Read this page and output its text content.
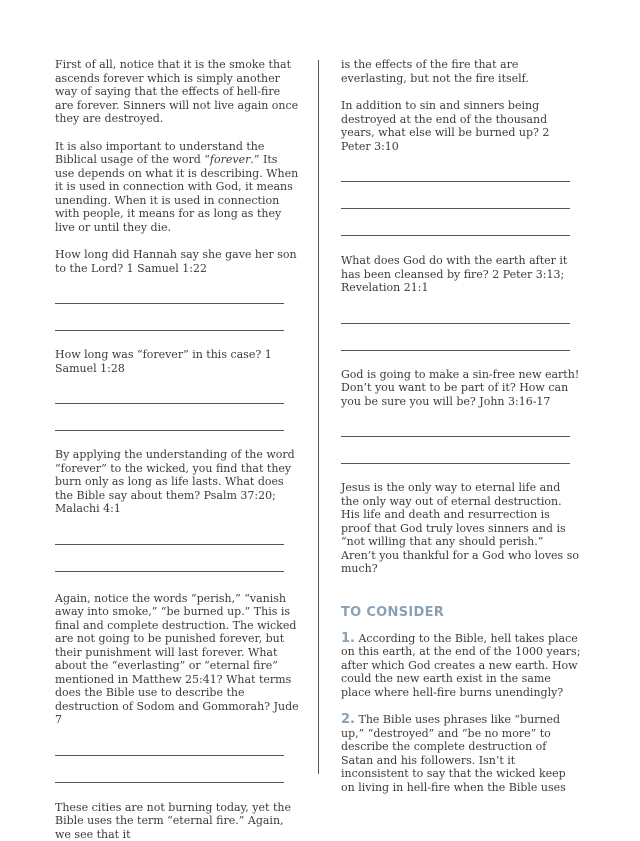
First of all, notice that it is the smoke that ascends forever which is simply another way of saying that the effects of hell-fire are forever. Sinners will not live again once they are destroyed.

It is also important to understand the Biblical usage of the word “forever.” Its use depends on what it is describing. When it is used in connection with God, it means unending. When it is used in connection with people, it means for as long as they live or until they die.

How long did Hannah say she gave her son to the Lord? 1 Samuel 1:22

How long was “forever” in this case? 1 Samuel 1:28

By applying the understanding of the word “forever” to the wicked, you find that they burn only as long as life lasts. What does the Bible say about them? Psalm 37:20; Malachi 4:1

Again, notice the words ”perish,” “vanish away into smoke,” “be burned up.” This is final and complete destruction. The wicked are not going to be punished forever, but their punishment will last forever. What about the “everlasting” or “eternal fire” mentioned in Matthew 25:41? What terms does the Bible use to describe the destruction of Sodom and Gommorah? Jude 7

These cities are not burning today, yet the Bible uses the term “eternal fire.” Again, we see that it

is the effects of the fire that are everlasting, but not the fire itself.

In addition to sin and sinners being destroyed at the end of the thousand years, what else will be burned up? 2 Peter 3:10

What does God do with the earth after it has been cleansed by fire? 2 Peter 3:13; Revelation 21:1

God is going to make a sin-free new earth! Don’t you want to be part of it? How can you be sure you will be? John 3:16-17

Jesus is the only way to eternal life and the only way out of eternal destruction. His life and death and resurrection is proof that God truly loves sinners and is “not willing that any should perish.” Aren’t you thankful for a God who loves so much?

TO CONSIDER

1. According to the Bible, hell takes place on this earth, at the end of the 1000 years; after which God creates a new earth. How could the new earth exist in the same place where hell-fire burns unendingly?

2. The Bible uses phrases like “burned up,” “destroyed” and “be no more” to describe the complete destruction of Satan and his followers. Isn’t it inconsistent to say that the wicked keep on living in hell-fire when the Bible uses
